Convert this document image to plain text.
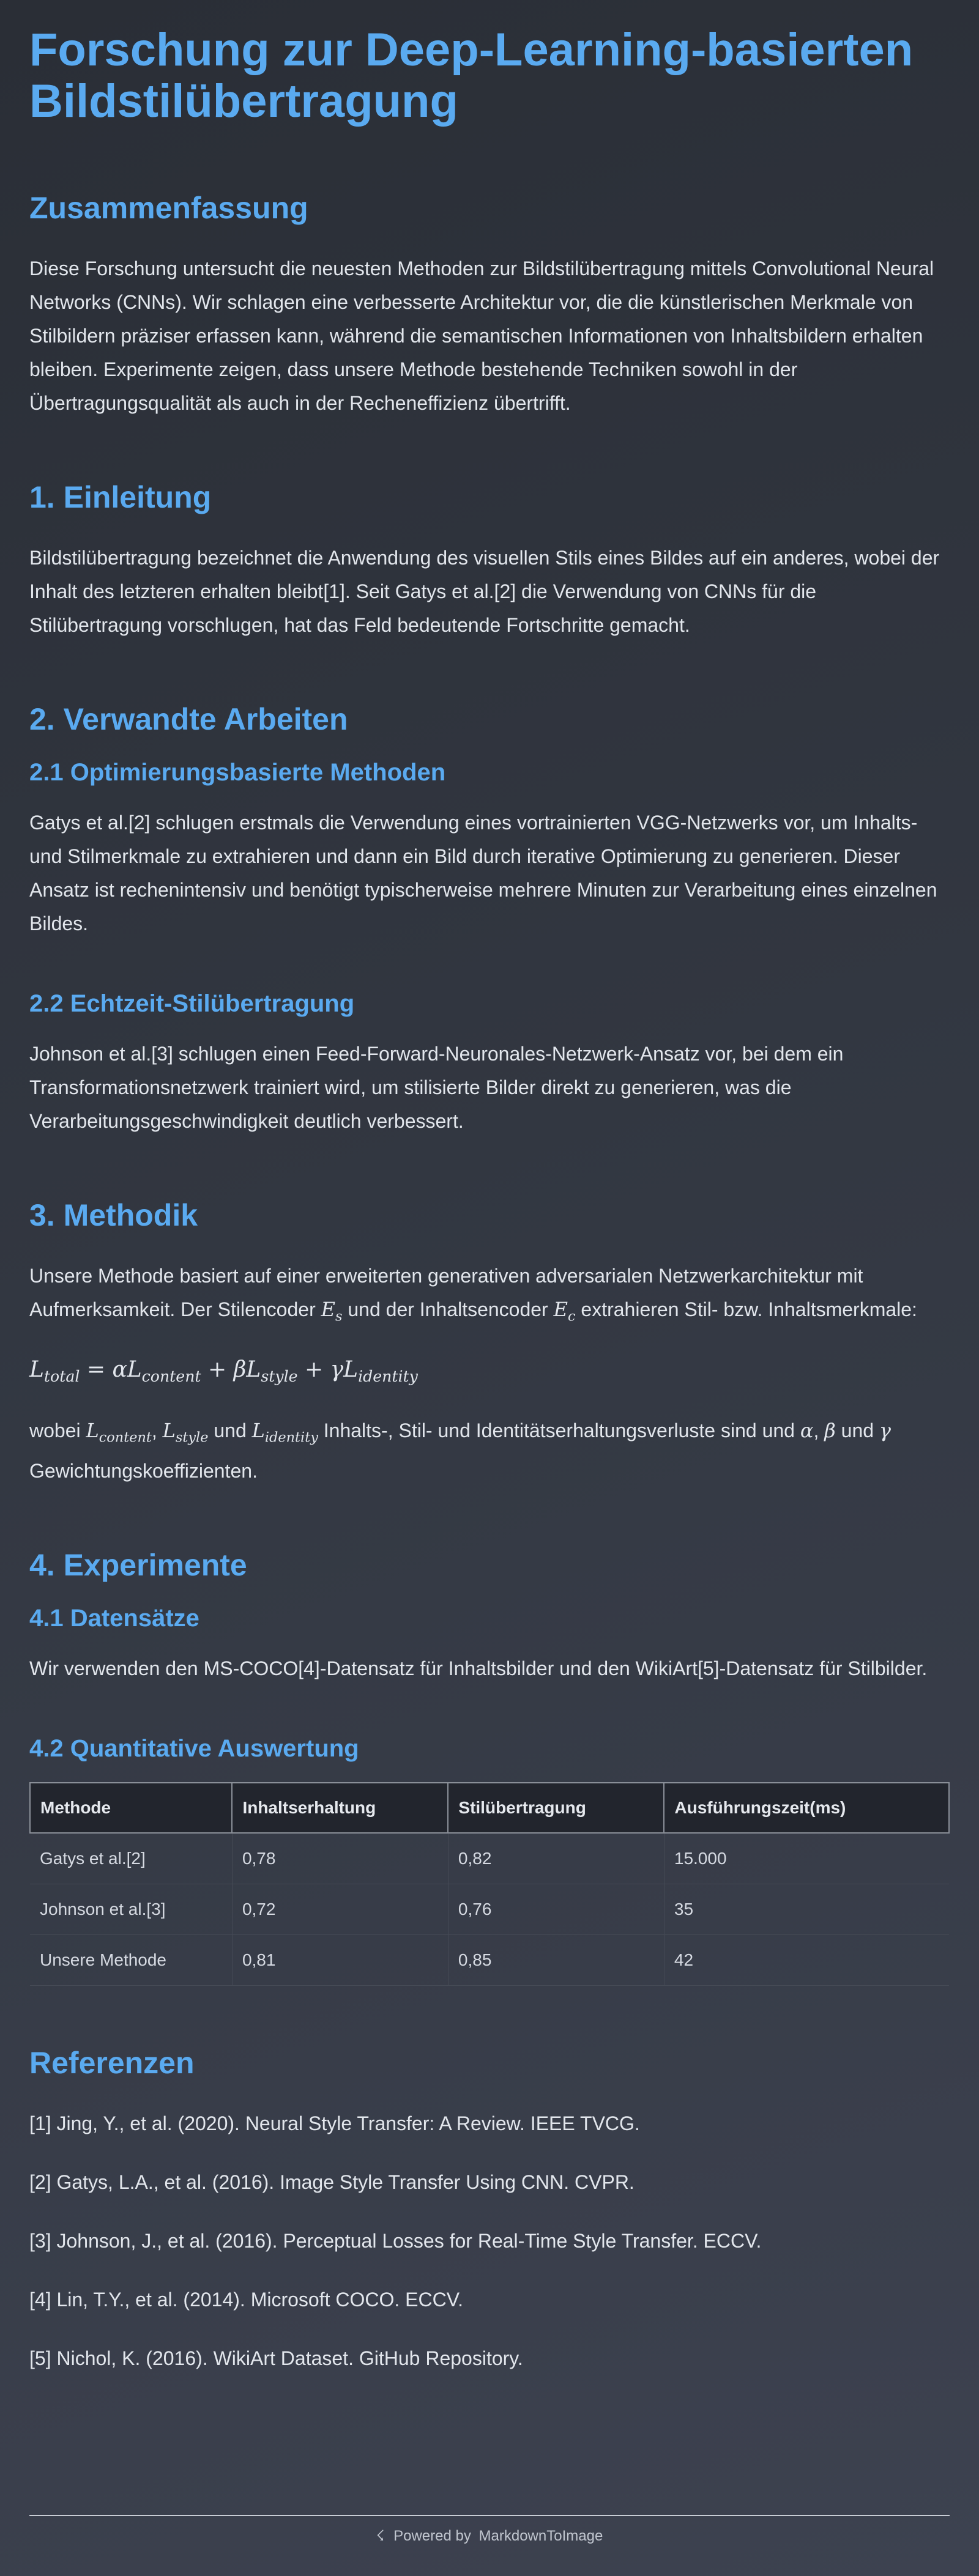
Forschung zur Deep-Learning-basierten Bildstilübertragung
Zusammenfassung

Diese Forschung untersucht die neuesten Methoden zur Bildstilübertragung mittels Convolutional Neural Networks (CNNs). Wir schlagen eine verbesserte Architektur vor, die die künstlerischen Merkmale von Stilbildern präziser erfassen kann, während die semantischen Informationen von Inhaltsbildern erhalten bleiben. Experimente zeigen, dass unsere Methode bestehende Techniken sowohl in der Übertragungsqualität als auch in der Recheneffizienz übertrifft.

1. Einleitung

Bildstilübertragung bezeichnet die Anwendung des visuellen Stils eines Bildes auf ein anderes, wobei der Inhalt des letzteren erhalten bleibt[1]. Seit Gatys et al.[2] die Verwendung von CNNs für die Stilübertragung vorschlugen, hat das Feld bedeutende Fortschritte gemacht.

2. Verwandte Arbeiten
2.1 Optimierungsbasierte Methoden

Gatys et al.[2] schlugen erstmals die Verwendung eines vortrainierten VGG-Netzwerks vor, um Inhalts- und Stilmerkmale zu extrahieren und dann ein Bild durch iterative Optimierung zu generieren. Dieser Ansatz ist rechenintensiv und benötigt typischerweise mehrere Minuten zur Verarbeitung eines einzelnen Bildes.

2.2 Echtzeit-Stilübertragung

Johnson et al.[3] schlugen einen Feed-Forward-Neuronales-Netzwerk-Ansatz vor, bei dem ein Transformationsnetzwerk trainiert wird, um stilisierte Bilder direkt zu generieren, was die Verarbeitungsgeschwindigkeit deutlich verbessert.

3. Methodik

Unsere Methode basiert auf einer erweiterten generativen adversarialen Netzwerkarchitektur mit Aufmerksamkeit. Der Stilencoder $E_s$ und der Inhaltsencoder $E_c$ extrahieren Stil- bzw. Inhaltsmerkmale:

$L_{total} = \alpha L_{content} + \beta L_{style} + \gamma L_{identity}$

wobei $L_{content}$, $L_{style}$ und $L_{identity}$ Inhalts-, Stil- und Identitätserhaltungsverluste sind und α, β und γ Gewichtungskoeffizienten.

4. Experimente
4.1 Datensätze

Wir verwenden den MS-COCO[4]-Datensatz für Inhaltsbilder und den WikiArt[5]-Datensatz für Stilbilder.

4.2 Quantitative Auswertung
Methode	Inhaltserhaltung	Stilübertragung	Ausführungszeit(ms)
Gatys et al.[2]	0,78	0,82	15.000
Johnson et al.[3]	0,72	0,76	35
Unsere Methode	0,81	0,85	42
Referenzen
[1] Jing, Y., et al. (2020). Neural Style Transfer: A Review. IEEE TVCG.
[2] Gatys, L.A., et al. (2016). Image Style Transfer Using CNN. CVPR.
[3] Johnson, J., et al. (2016). Perceptual Losses for Real-Time Style Transfer. ECCV.
[4] Lin, T.Y., et al. (2014). Microsoft COCO. ECCV.
[5] Nichol, K. (2016). WikiArt Dataset. GitHub Repository.
☇ Powered by MarkdownToImage
